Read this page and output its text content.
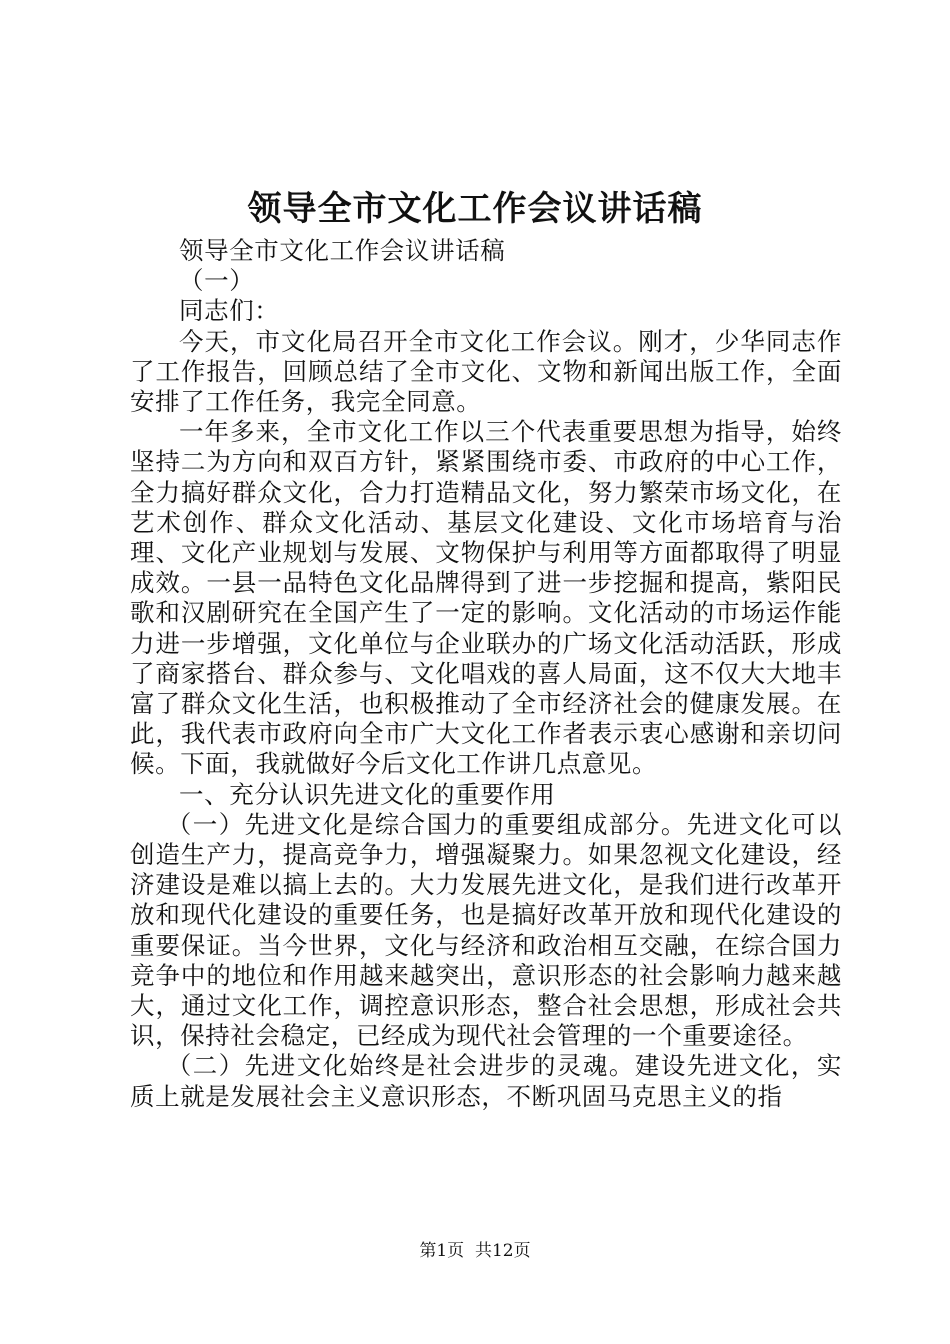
领导全市文化工作会议讲话稿

领导全市文化工作会议讲话稿

（一）

同志们：

今天，市文化局召开全市文化工作会议。刚才，少华同志作了工作报告，回顾总结了全市文化、文物和新闻出版工作，全面安排了工作任务，我完全同意。

一年多来，全市文化工作以三个代表重要思想为指导，始终坚持二为方向和双百方针，紧紧围绕市委、市政府的中心工作，全力搞好群众文化，合力打造精品文化，努力繁荣市场文化，在艺术创作、群众文化活动、基层文化建设、文化市场培育与治理、文化产业规划与发展、文物保护与利用等方面都取得了明显成效。一县一品特色文化品牌得到了进一步挖掘和提高，紫阳民歌和汉剧研究在全国产生了一定的影响。文化活动的市场运作能力进一步增强，文化单位与企业联办的广场文化活动活跃，形成了商家搭台、群众参与、文化唱戏的喜人局面，这不仅大大地丰富了群众文化生活，也积极推动了全市经济社会的健康发展。在此，我代表市政府向全市广大文化工作者表示衷心感谢和亲切问候。下面，我就做好今后文化工作讲几点意见。

一、充分认识先进文化的重要作用

（一）先进文化是综合国力的重要组成部分。先进文化可以创造生产力，提高竞争力，增强凝聚力。如果忽视文化建设，经济建设是难以搞上去的。大力发展先进文化，是我们进行改革开放和现代化建设的重要任务，也是搞好改革开放和现代化建设的重要保证。当今世界，文化与经济和政治相互交融，在综合国力竞争中的地位和作用越来越突出，意识形态的社会影响力越来越大，通过文化工作，调控意识形态，整合社会思想，形成社会共识，保持社会稳定，已经成为现代社会管理的一个重要途径。

（二）先进文化始终是社会进步的灵魂。建设先进文化，实质上就是发展社会主义意识形态，不断巩固马克思主义的指

第1页  共12页
